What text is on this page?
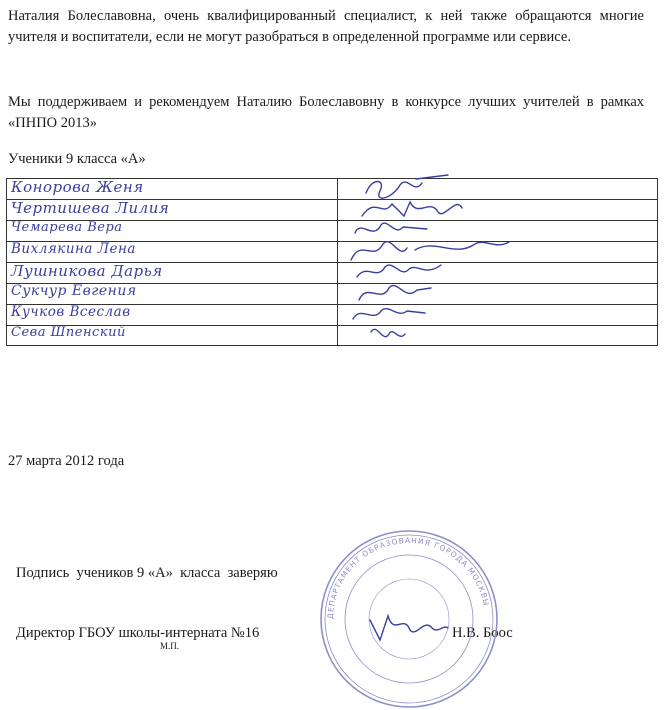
Наталия Болеславовна, очень квалифицированный специалист, к ней также обращаются многие учителя и воспитатели, если не могут разобраться в определенной программе или сервисе.

Мы поддерживаем и рекомендуем Наталию Болеславовну в конкурсе лучших учителей в рамках «ПНПО 2013»

Ученики 9 класса «А»

Конорова Женя
Чертишева Лилия
Чемарева Вера
Вихлякина Лена
Лушникова Дарья
Сукчур Евгения
Кучков Всеслав
Сева Шпенский

27 марта 2012 года

Подпись  учеников 9 «А»  класса  заверяю

Директор ГБОУ школы-интерната №16	Н.В. Боос

М.П.

ДЕПАРТАМЕНТ ОБРАЗОВАНИЯ ГОРОДА МОСКВЫ
